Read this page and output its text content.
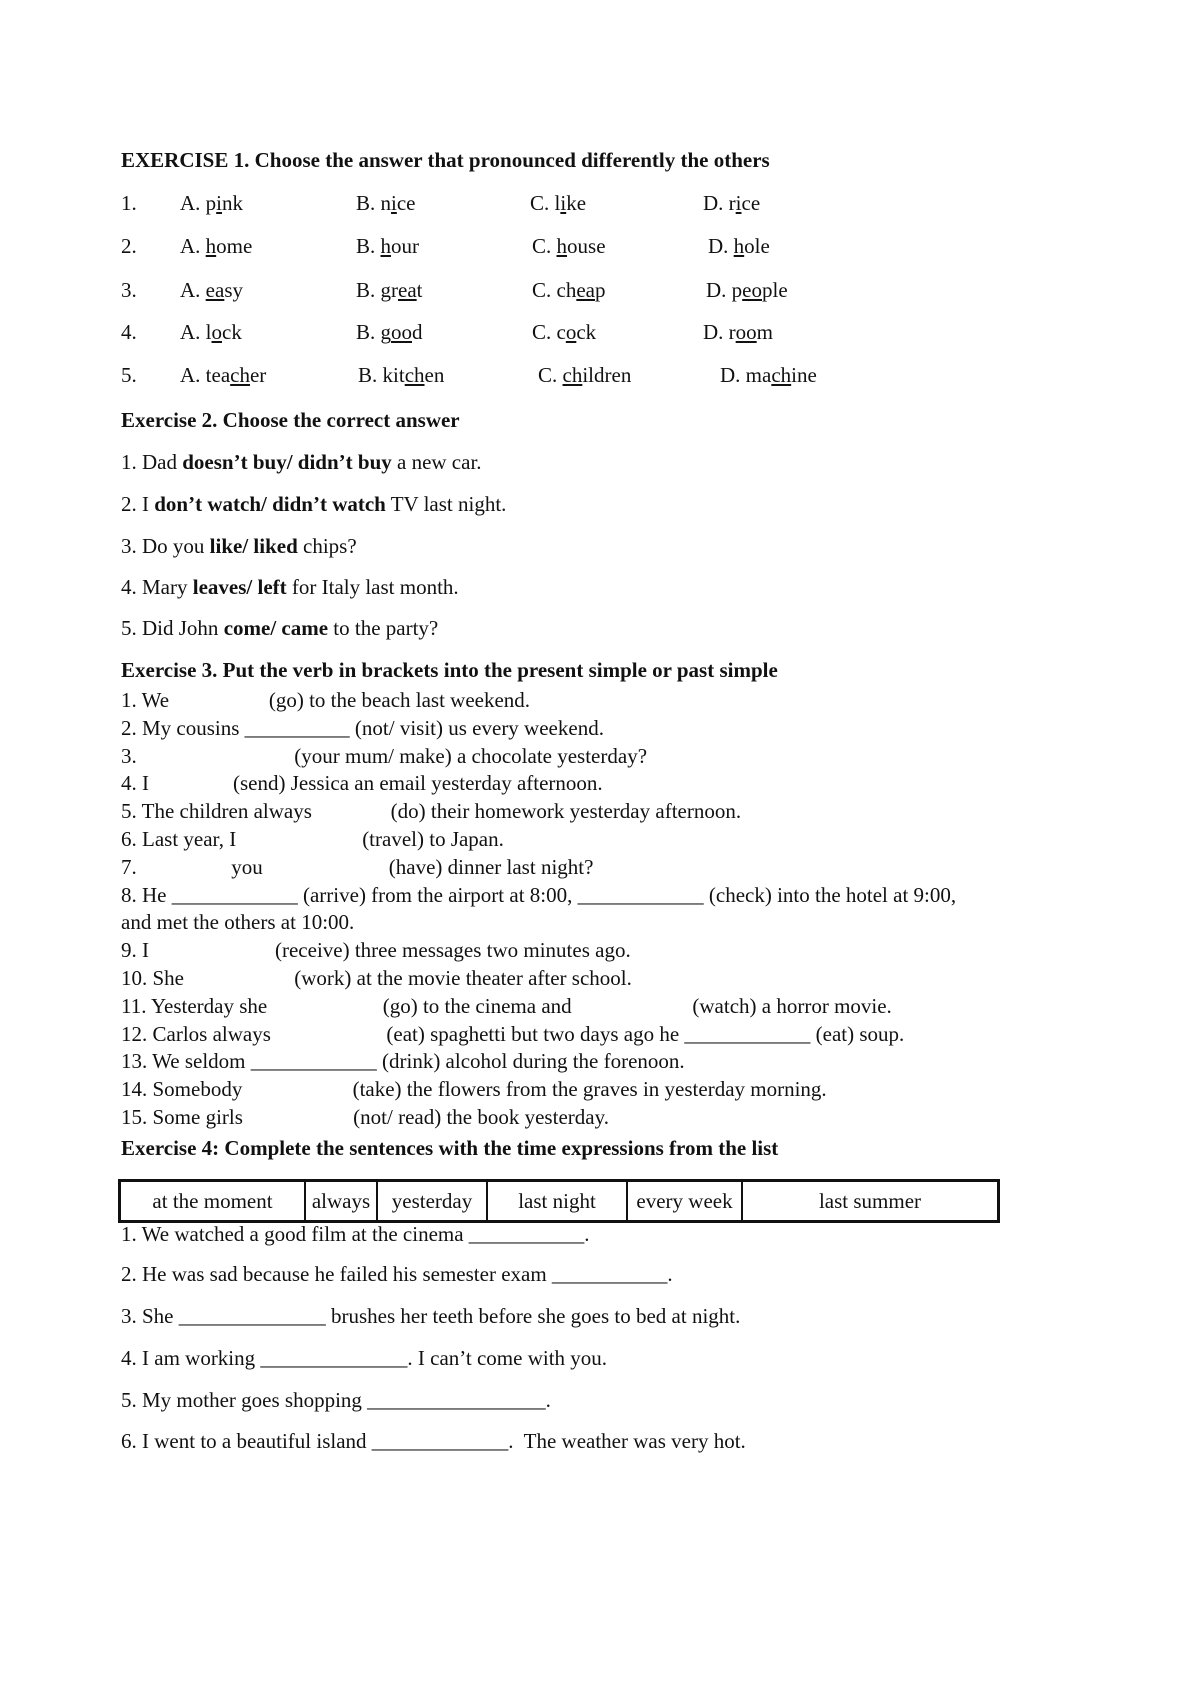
EXERCISE 1. Choose the answer that pronounced differently the others
1. A. pink	B. nice	C. like	D. rice
2. A. home	B. hour	C. house	D. hole
3. A. easy	B. great	C. cheap	D. people
4. A. lock	B. good	C. cock	D. room
5. A. teacher	B. kitchen	C. children	D. machine
Exercise 2. Choose the correct answer
1. Dad doesn’t buy/ didn’t buy a new car.
2. I don’t watch/ didn’t watch TV last night.
3. Do you like/ liked chips?
4. Mary leaves/ left for Italy last month.
5. Did John come/ came to the party?
Exercise 3. Put the verb in brackets into the present simple or past simple
1. We                   (go) to the beach last weekend.
2. My cousins __________ (not/ visit) us every weekend.
3.                              (your mum/ make) a chocolate yesterday?
4. I                (send) Jessica an email yesterday afternoon.
5. The children always               (do) their homework yesterday afternoon.
6. Last year, I                        (travel) to Japan.
7.                  you                        (have) dinner last night?
8. He ____________ (arrive) from the airport at 8:00, ____________ (check) into the hotel at 9:00,
and met the others at 10:00.
9. I                        (receive) three messages two minutes ago.
10. She                     (work) at the movie theater after school.
11. Yesterday she                      (go) to the cinema and                       (watch) a horror movie.
12. Carlos always                      (eat) spaghetti but two days ago he ____________ (eat) soup.
13. We seldom ____________ (drink) alcohol during the forenoon.
14. Somebody                     (take) the flowers from the graves in yesterday morning.
15. Some girls                     (not/ read) the book yesterday.
Exercise 4: Complete the sentences with the time expressions from the list
at the moment	always	yesterday	last night	every week	last summer
1. We watched a good film at the cinema ___________.
2. He was sad because he failed his semester exam ___________.
3. She ______________ brushes her teeth before she goes to bed at night.
4. I am working ______________. I can’t come with you.
5. My mother goes shopping _________________.
6. I went to a beautiful island _____________.  The weather was very hot.
